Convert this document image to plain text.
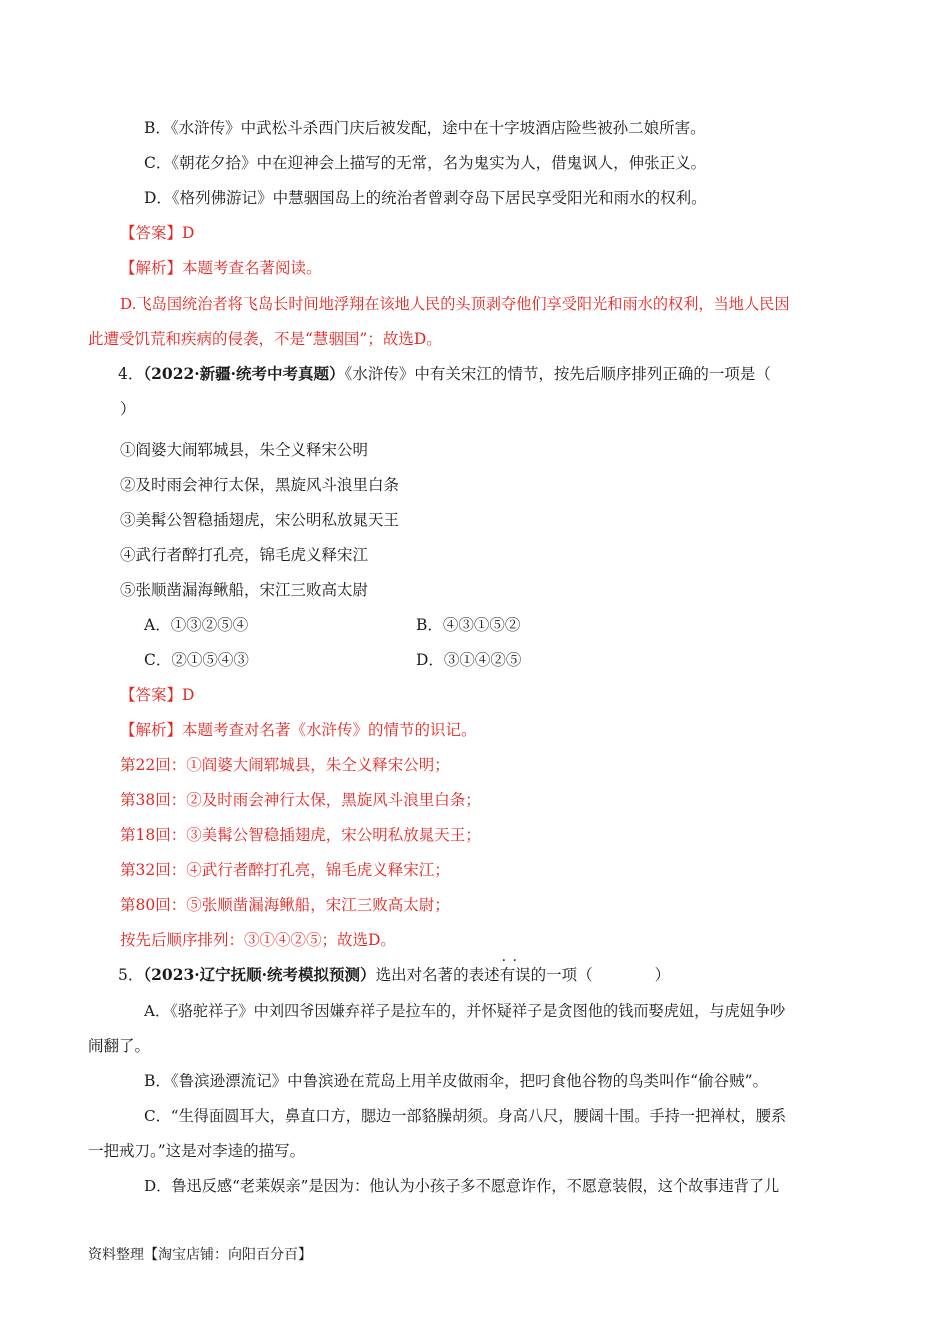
B．《水浒传》中武松斗杀西门庆后被发配，途中在十字坡酒店险些被孙二娘所害。
C．《朝花夕拾》中在迎神会上描写的无常，名为鬼实为人，借鬼讽人，伸张正义。
D．《格列佛游记》中慧骃国岛上的统治者曾剥夺岛下居民享受阳光和雨水的权利。
【答案】D
【解析】本题考查名著阅读。
D.飞岛国统治者将飞岛长时间地浮翔在该地人民的头顶剥夺他们享受阳光和雨水的权利，当地人民因
此遭受饥荒和疾病的侵袭，不是“慧骃国”；故选D。
4．（2022·新疆·统考中考真题）《水浒传》中有关宋江的情节，按先后顺序排列正确的一项是（
）
①阎婆大闹郓城县，朱仝义释宋公明
②及时雨会神行太保，黑旋风斗浪里白条
③美髯公智稳插翅虎，宋公明私放晁天王
④武行者醉打孔亮，锦毛虎义释宋江
⑤张顺凿漏海鳅船，宋江三败高太尉
A．①③②⑤④	B．④③①⑤②
C．②①⑤④③	D．③①④②⑤
【答案】D
【解析】本题考查对名著《水浒传》的情节的识记。
第22回：①阎婆大闹郓城县，朱仝义释宋公明；
第38回：②及时雨会神行太保，黑旋风斗浪里白条；
第18回：③美髯公智稳插翅虎，宋公明私放晁天王；
第32回：④武行者醉打孔亮，锦毛虎义释宋江；
第80回：⑤张顺凿漏海鳅船，宋江三败高太尉；
按先后顺序排列：③①④②⑤；故选D。
5．（2023·辽宁抚顺·统考模拟预测）选出对名著的表述· · 有误的一项（　　　　）
A．《骆驼祥子》中刘四爷因嫌弃祥子是拉车的，并怀疑祥子是贪图他的钱而娶虎妞，与虎妞争吵
闹翻了。
B．《鲁滨逊漂流记》中鲁滨逊在荒岛上用羊皮做雨伞，把叼食他谷物的鸟类叫作“偷谷贼”。
C．“生得面圆耳大，鼻直口方，腮边一部貉臊胡须。身高八尺，腰阔十围。手持一把禅杖，腰系
一把戒刀。”这是对李逵的描写。
D．鲁迅反感“老莱娱亲”是因为：他认为小孩子多不愿意诈作，不愿意装假，这个故事违背了儿
资料整理【淘宝店铺：向阳百分百】
